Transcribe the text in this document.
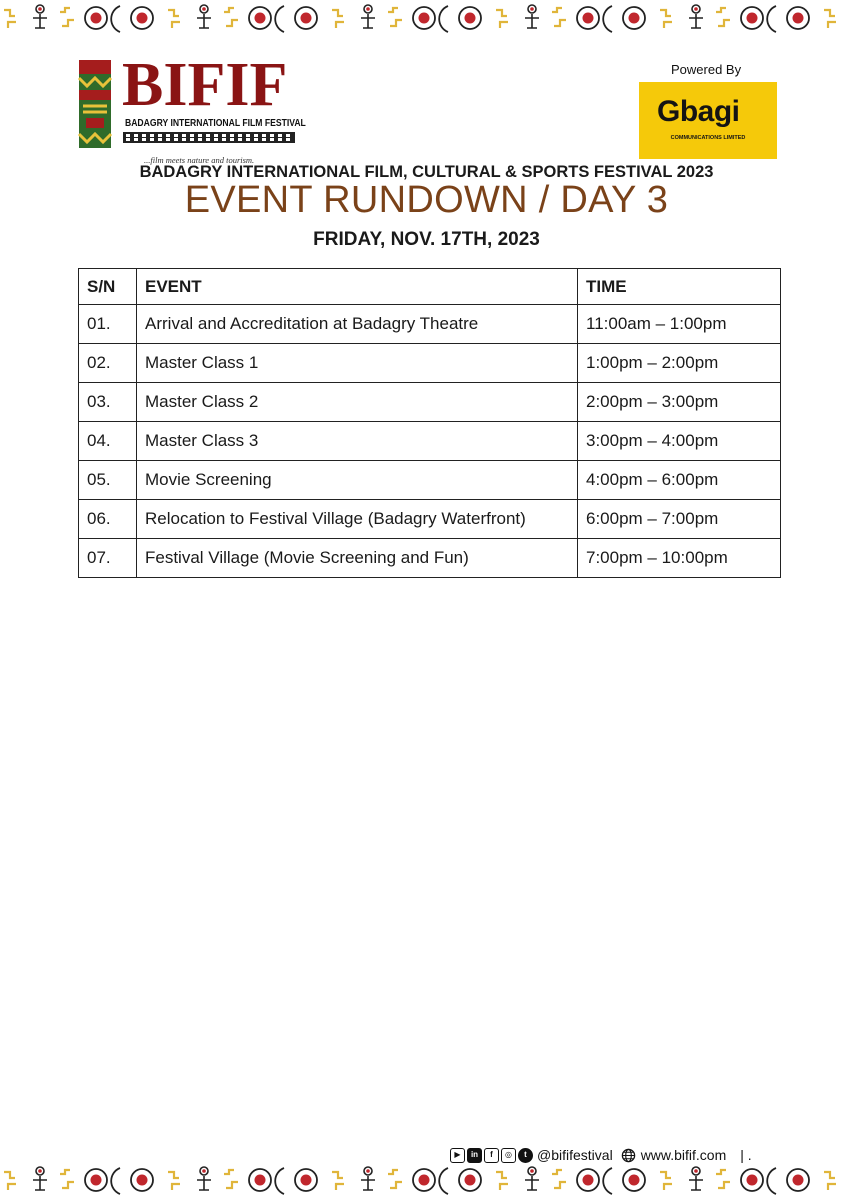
BIFIF
BADAGRY INTERNATIONAL FILM FESTIVAL
...film meets nature and tourism.
Powered By
Gbagi
COMMUNICATIONS LIMITED
BADAGRY INTERNATIONAL FILM, CULTURAL & SPORTS FESTIVAL 2023
EVENT RUNDOWN / DAY 3
FRIDAY, NOV. 17TH, 2023
S/N	EVENT	TIME
01.	Arrival and Accreditation at Badagry Theatre	11:00am – 1:00pm
02.	Master Class 1	1:00pm – 2:00pm
03.	Master Class 2	2:00pm – 3:00pm
04.	Master Class 3	3:00pm – 4:00pm
05.	Movie Screening	4:00pm – 6:00pm
06.	Relocation to Festival Village (Badagry Waterfront)	6:00pm – 7:00pm
07.	Festival Village (Movie Screening and Fun)	7:00pm – 10:00pm
▶	in	f	◎	t @bififestival www.bifif.com | .
